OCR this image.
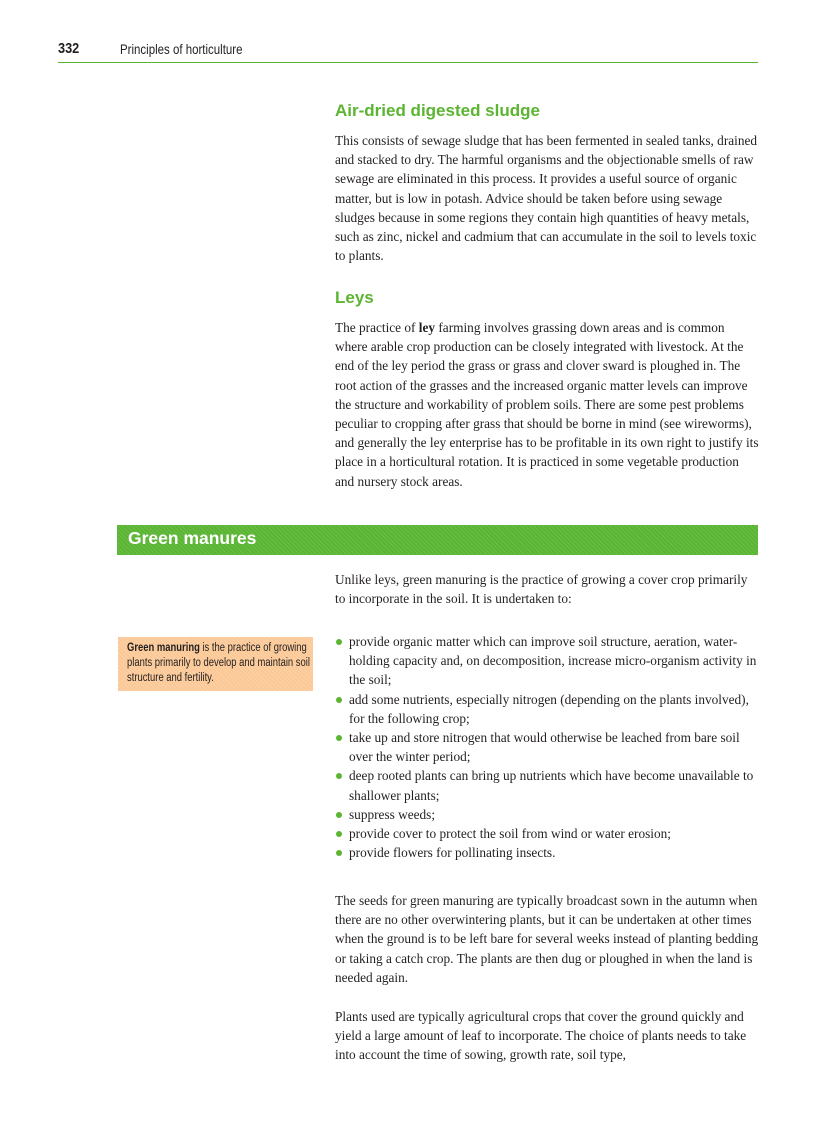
332	Principles of horticulture
Air-dried digested sludge

This consists of sewage sludge that has been fermented in sealed tanks, drained and stacked to dry. The harmful organisms and the objectionable smells of raw sewage are eliminated in this process. It provides a useful source of organic matter, but is low in potash. Advice should be taken before using sewage sludges because in some regions they contain high quantities of heavy metals, such as zinc, nickel and cadmium that can accumulate in the soil to levels toxic to plants.

Leys

The practice of ley farming involves grassing down areas and is common where arable crop production can be closely integrated with livestock. At the end of the ley period the grass or grass and clover sward is ploughed in. The root action of the grasses and the increased organic matter levels can improve the structure and workability of problem soils. There are some pest problems peculiar to cropping after grass that should be borne in mind (see wireworms), and generally the ley enterprise has to be profitable in its own right to justify its place in a horticultural rotation. It is practiced in some vegetable production and nursery stock areas.

Green manures
Green manuring is the practice of growing plants primarily to develop and maintain soil structure and fertility.

Unlike leys, green manuring is the practice of growing a cover crop primarily to incorporate in the soil. It is undertaken to:

provide organic matter which can improve soil structure, aeration, water-holding capacity and, on decomposition, increase micro-organism activity in the soil;
add some nutrients, especially nitrogen (depending on the plants involved), for the following crop;
take up and store nitrogen that would otherwise be leached from bare soil over the winter period;
deep rooted plants can bring up nutrients which have become unavailable to shallower plants;
suppress weeds;
provide cover to protect the soil from wind or water erosion;
provide flowers for pollinating insects.

The seeds for green manuring are typically broadcast sown in the autumn when there are no other overwintering plants, but it can be undertaken at other times when the ground is to be left bare for several weeks instead of planting bedding or taking a catch crop. The plants are then dug or ploughed in when the land is needed again.

Plants used are typically agricultural crops that cover the ground quickly and yield a large amount of leaf to incorporate. The choice of plants needs to take into account the time of sowing, growth rate, soil type,
